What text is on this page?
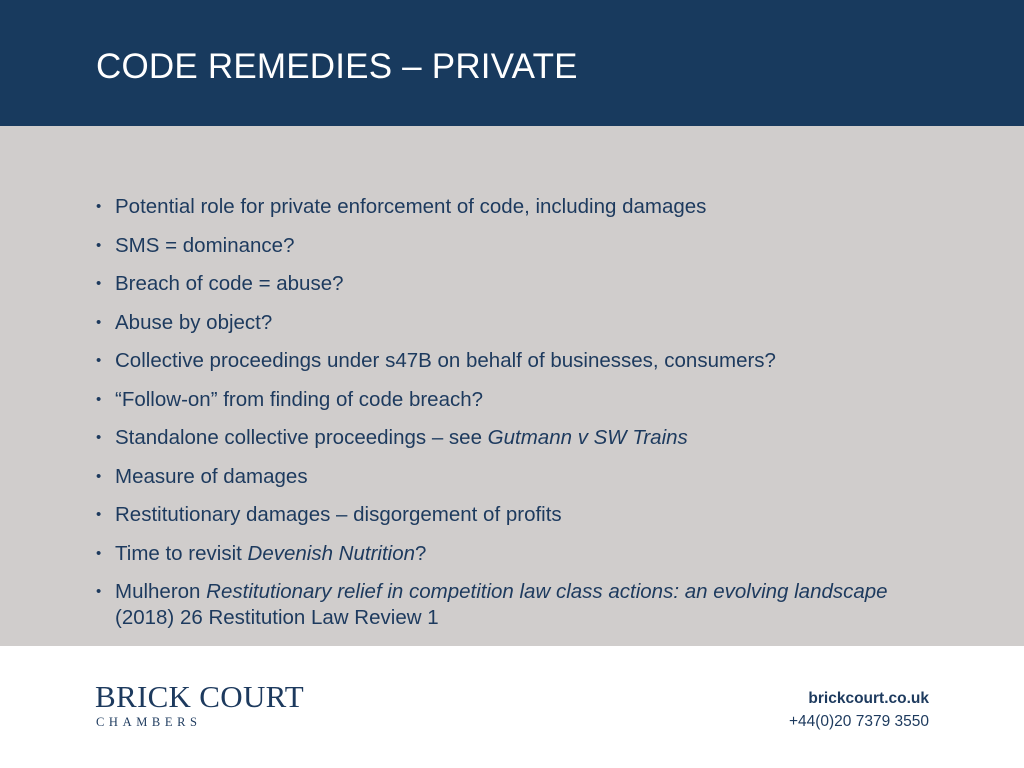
CODE REMEDIES – PRIVATE
• Potential role for private enforcement of code, including damages
• SMS = dominance?
• Breach of code = abuse?
• Abuse by object?
• Collective proceedings under s47B on behalf of businesses, consumers?
• “Follow-on” from finding of code breach?
• Standalone collective proceedings – see Gutmann v SW Trains
• Measure of damages
• Restitutionary damages – disgorgement of profits
• Time to revisit Devenish Nutrition?
• Mulheron Restitutionary relief in competition law class actions: an evolving landscape (2018) 26 Restitution Law Review 1
BRICK COURT
CHAMBERS
brickcourt.co.uk
+44(0)20 7379 3550
